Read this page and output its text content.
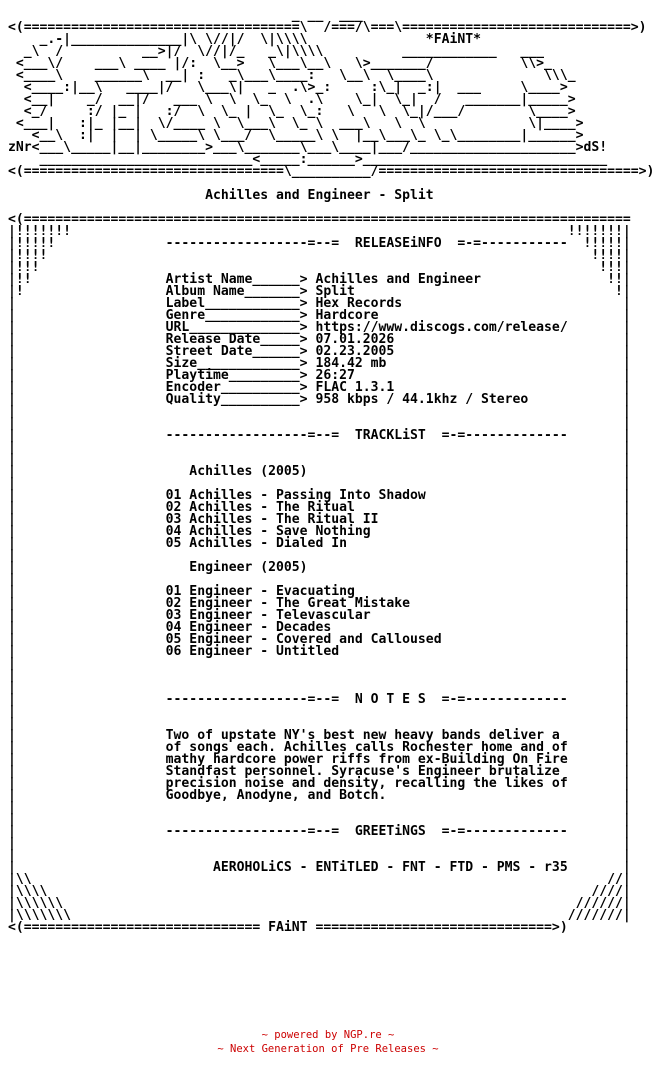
_ __  ___
<(===================================\  /===/\===\=============================>)
_.-|______________|\ \//|/  \|\\\\               *FAiNT*
_\  /          __>|/  \//|/_   _\|\\\\          ____________   ___
<___\/    ___\ ____ |/:  \__>   \___\__\   \>_______/           \\>_
<____\    ______\  __| :   _\___\____:   \__\  \____\              \\\_
<____:|__\   ____|/   \___\|   _  .\>_:     :\_|  _:|  ___     \____>
<__|    _/  __|/   ___ \  \  \_  \  .\    \_|  \_|  /   _______|_____>
<_/     :/ |_ |   :/  \  \_ |  \_  \_:   \   \  \_|/___/        \____>
<___|   :|_ |__|  \/____ \  \___\  \_ \  ___\   \  \             \|____>
<__\  :|  |  | \_____\ \___/  \_____\ \  |__\___\_ \_\________|______>
zNr<___\_____|__|________>___\_______\___\____|___/_____________________>dS!
___________________________<_____:______>_______________________________
<(=================================\__________/=================================>)

Achilles and Engineer - Split

<(=============================================================================
|!!!!!!!                                                               !!!!!!!|
|!!!!!              ------------------=--=  RELEASEiNFO  =-=-----------  !!!!!|
|!!!!                                                                     !!!!|
|!!!                                                                       !!!|
|!!                 Artist Name______> Achilles and Engineer                !!|
|!                  Album Name_______> Split                                 !|
|                   Label____________> Hex Records                            |
|                   Genre____________> Hardcore                               |
|                   URL______________> https://www.discogs.com/release/       |
|                   Release Date_____> 07.01.2026                             |
|                   Street Date______> 02.23.2005                             |
|                   Size_____________> 184.42 mb                              |
|                   Playtime_________> 26:27                                  |
|                   Encoder__________> FLAC 1.3.1                             |
|                   Quality__________> 958 kbps / 44.1khz / Stereo            |
|                                                                             |
|                                                                             |
|                   ------------------=--=  TRACKLiST  =-=-------------       |
|                                                                             |
|                                                                             |
|                      Achilles (2005)                                        |
|                                                                             |
|                   01 Achilles - Passing Into Shadow                         |
|                   02 Achilles - The Ritual                                  |
|                   03 Achilles - The Ritual II                               |
|                   04 Achilles - Save Nothing                                |
|                   05 Achilles - Dialed In                                   |
|                                                                             |
|                      Engineer (2005)                                        |
|                                                                             |
|                   01 Engineer - Evacuating                                  |
|                   02 Engineer - The Great Mistake                           |
|                   03 Engineer - Televascular                                |
|                   04 Engineer - Decades                                     |
|                   05 Engineer - Covered and Calloused                       |
|                   06 Engineer - Untitled                                    |
|                                                                             |
|                                                                             |
|                                                                             |
|                   ------------------=--=  N O T E S  =-=-------------       |
|                                                                             |
|                                                                             |
|                   Two of upstate NY's best new heavy bands deliver a        |
|                   of songs each. Achilles calls Rochester home and of       |
|                   mathy hardcore power riffs from ex-Building On Fire       |
|                   Standfast personnel. Syracuse's Engineer brutalize        |
|                   precision noise and density, recalling the likes of       |
|                   Goodbye, Anodyne, and Botch.                              |
|                                                                             |
|                                                                             |
|                   ------------------=--=  GREETiNGS  =-=-------------       |
|                                                                             |
|                                                                             |
|                         AEROHOLiCS - ENTiTLED - FNT - FTD - PMS - r35       |
|\\                                                                         //|
|\\\\                                                                     ////|
|\\\\\\                                                                 //////|
|\\\\\\\                                                               ///////|
<(============================== FAiNT ==============================>)
~ powered by NGP.re ~
~ Next Generation of Pre Releases ~
